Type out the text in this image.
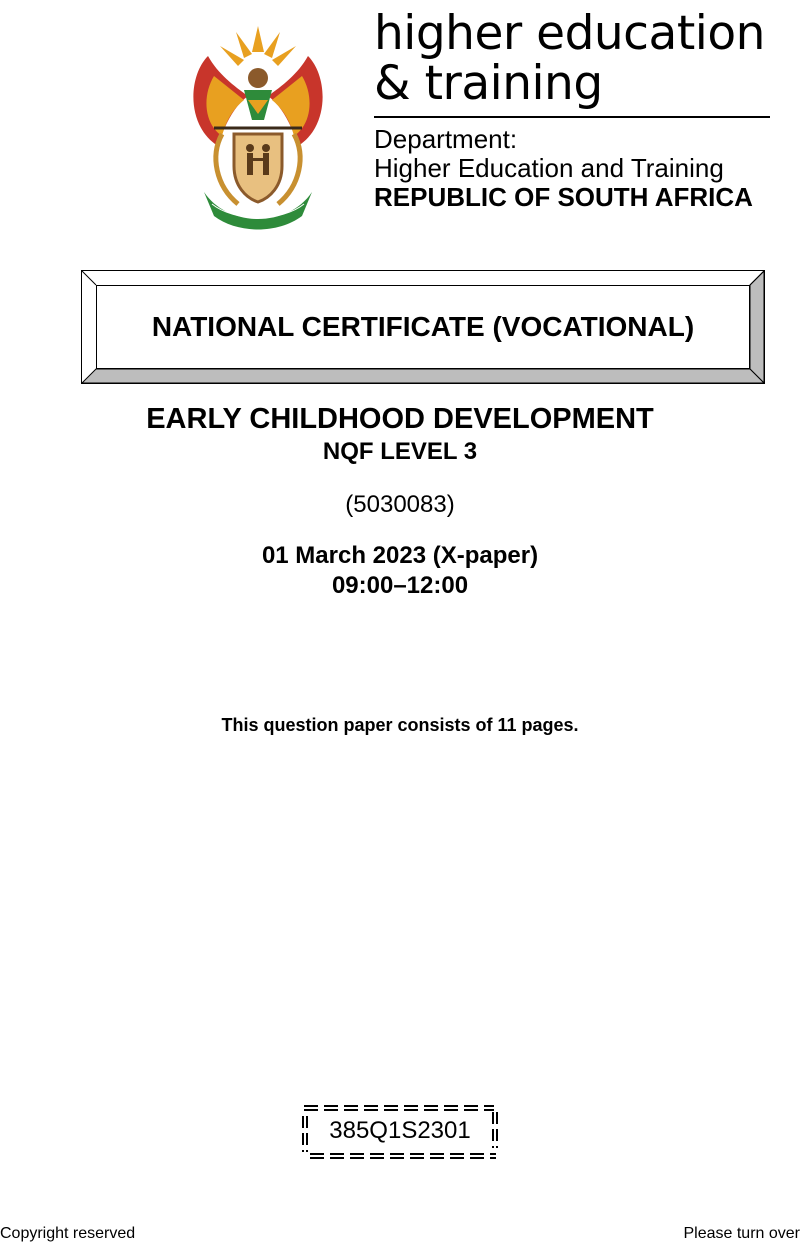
higher education
& training
Department:
Higher Education and Training
REPUBLIC OF SOUTH AFRICA
NATIONAL CERTIFICATE (VOCATIONAL)
EARLY CHILDHOOD DEVELOPMENT
NQF LEVEL 3
(5030083)
01 March 2023 (X-paper)
09:00–12:00
This question paper consists of 11 pages.
385Q1S2301
Copyright reserved	Please turn over
